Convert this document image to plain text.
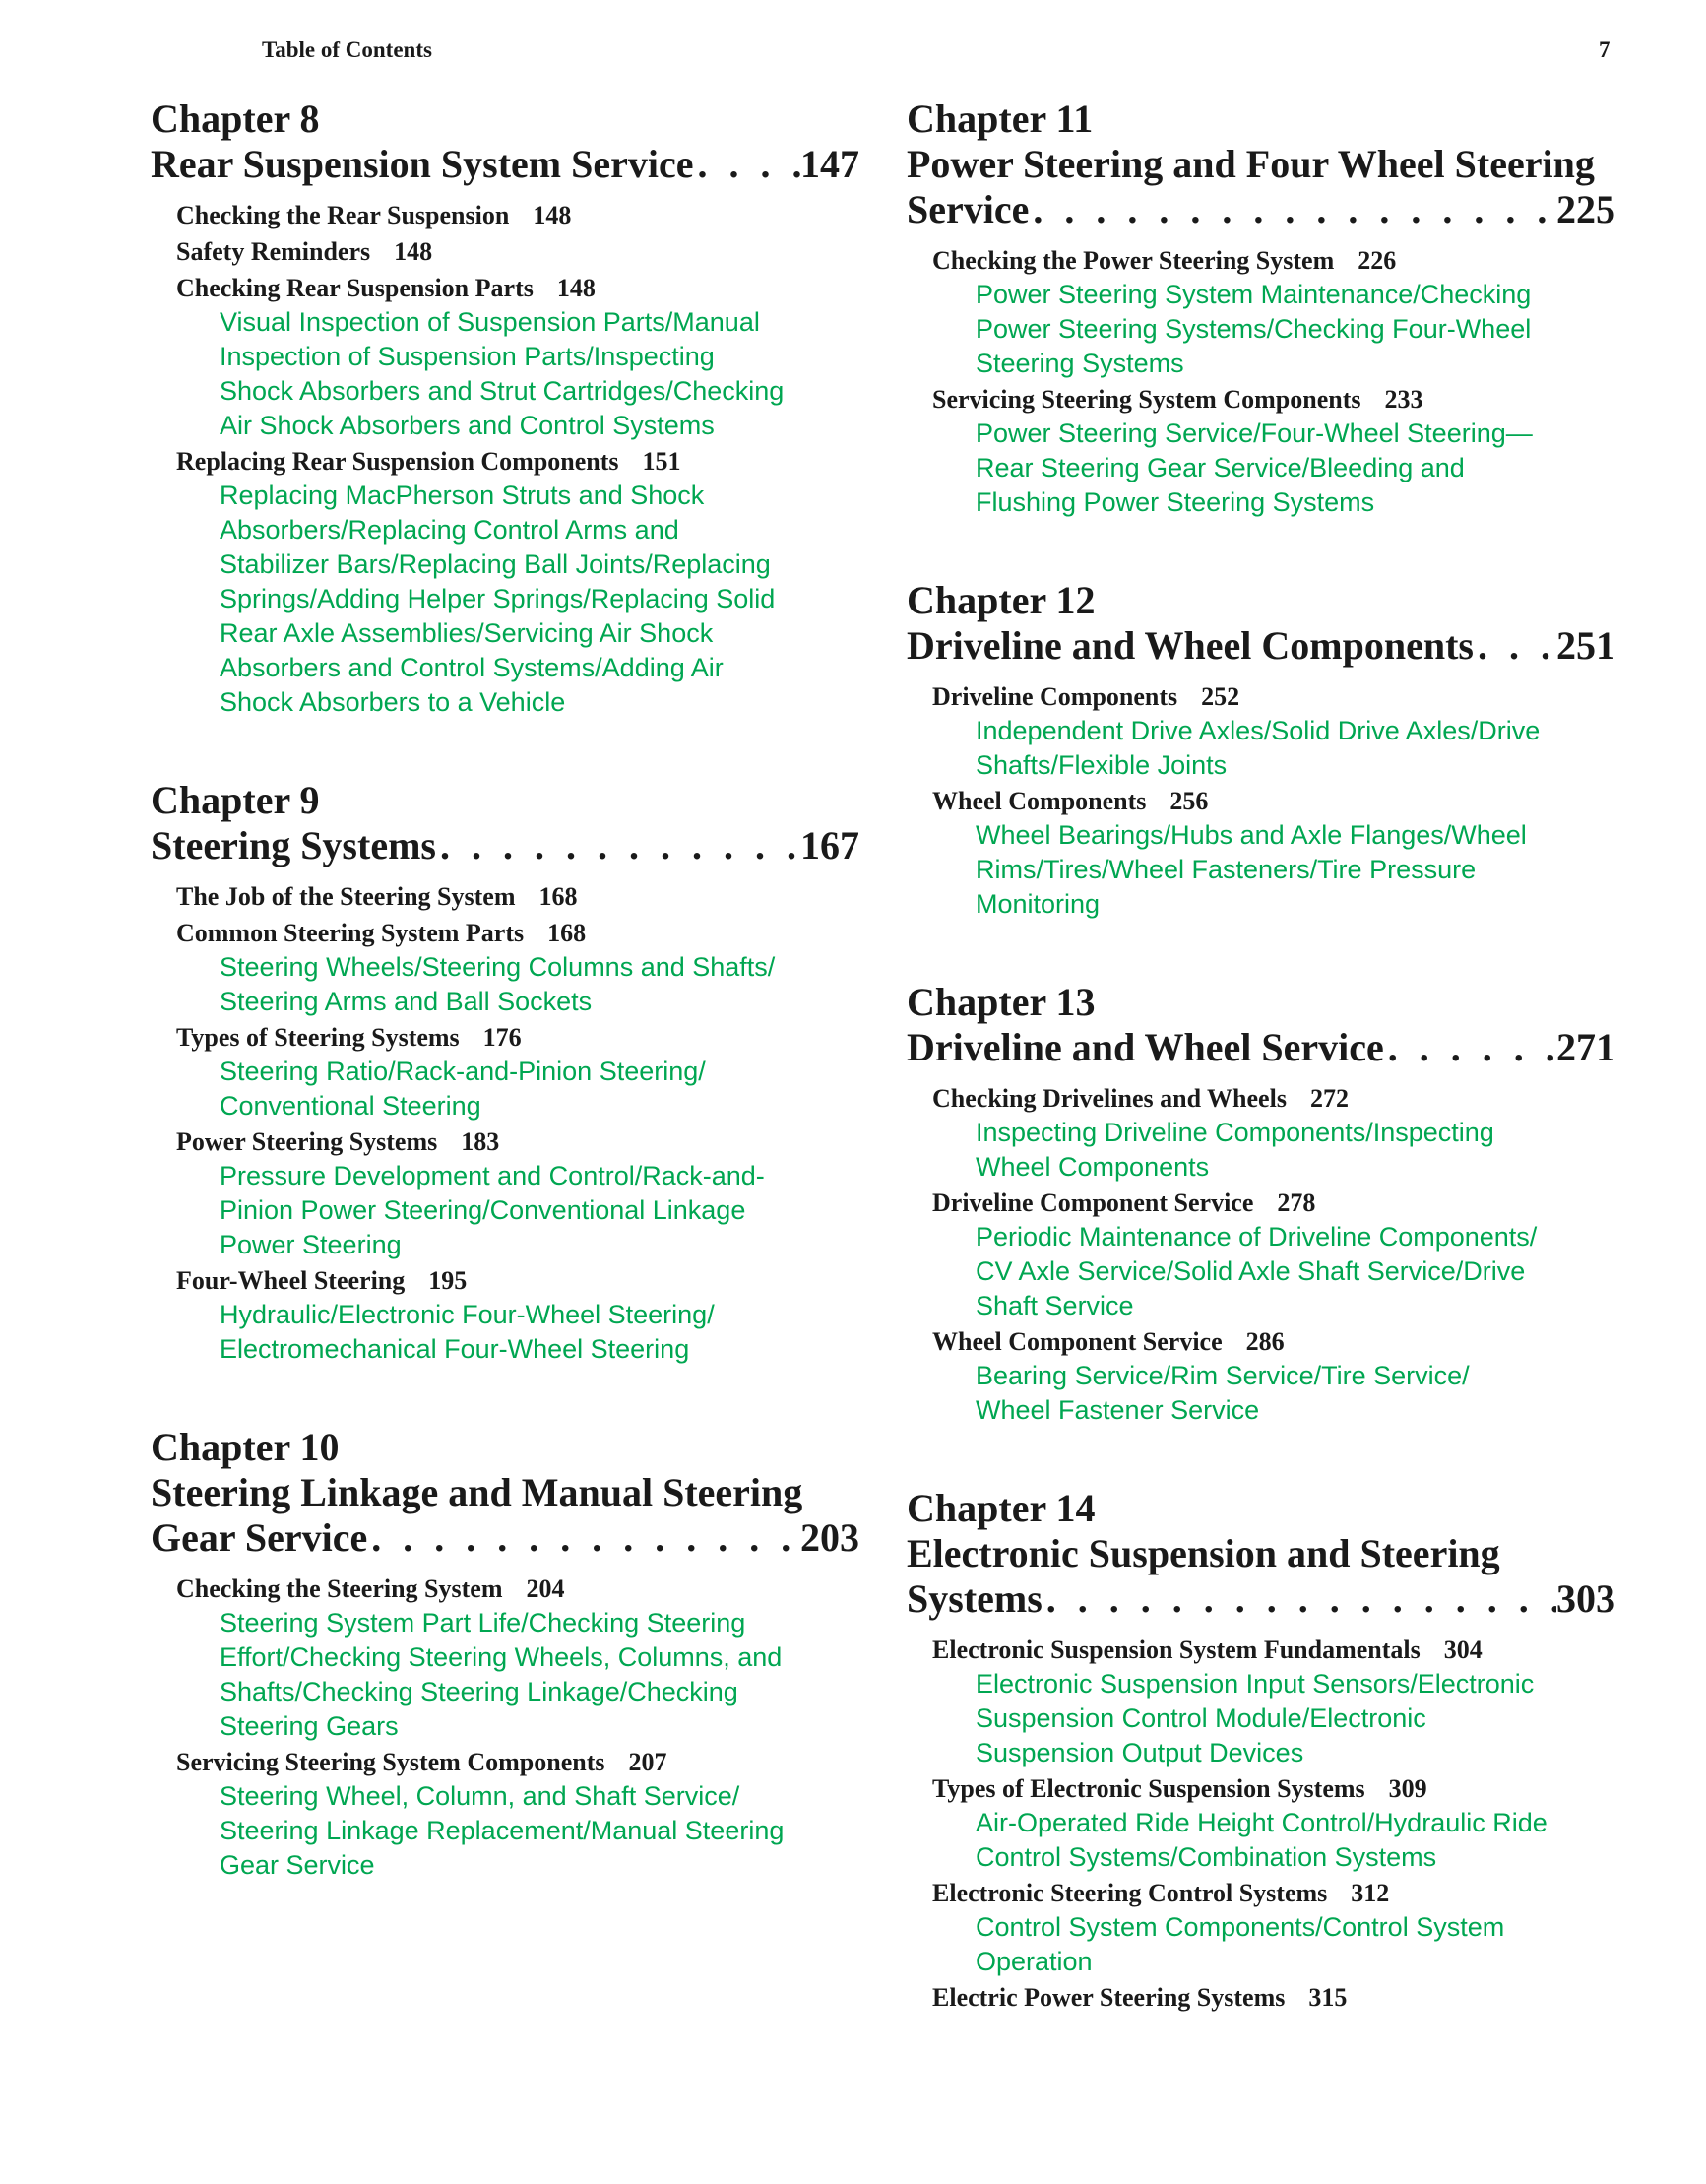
Table of Contents	7
Chapter 8
Rear Suspension System Service . . .	147
Checking the Rear Suspension 148
Safety Reminders 148
Checking Rear Suspension Parts 148
Visual Inspection of Suspension Parts/Manual
Inspection of Suspension Parts/Inspecting
Shock Absorbers and Strut Cartridges/Checking
Air Shock Absorbers and Control Systems
Replacing Rear Suspension Components 151
Replacing MacPherson Struts and Shock
Absorbers/Replacing Control Arms and
Stabilizer Bars/Replacing Ball Joints/Replacing
Springs/Adding Helper Springs/Replacing Solid
Rear Axle Assemblies/Servicing Air Shock
Absorbers and Control Systems/Adding Air
Shock Absorbers to a Vehicle
Chapter 9
Steering Systems . . .	167
The Job of the Steering System 168
Common Steering System Parts 168
Steering Wheels/Steering Columns and Shafts/
Steering Arms and Ball Sockets
Types of Steering Systems 176
Steering Ratio/Rack-and-Pinion Steering/
Conventional Steering
Power Steering Systems 183
Pressure Development and Control/Rack-and-
Pinion Power Steering/Conventional Linkage
Power Steering
Four-Wheel Steering 195
Hydraulic/Electronic Four-Wheel Steering/
Electromechanical Four-Wheel Steering
Chapter 10
Steering Linkage and Manual Steering
Gear Service . . .	203
Checking the Steering System 204
Steering System Part Life/Checking Steering
Effort/Checking Steering Wheels, Columns, and
Shafts/Checking Steering Linkage/Checking
Steering Gears
Servicing Steering System Components 207
Steering Wheel, Column, and Shaft Service/
Steering Linkage Replacement/Manual Steering
Gear Service
Chapter 11
Power Steering and Four Wheel Steering
Service . . .	225
Checking the Power Steering System 226
Power Steering System Maintenance/Checking
Power Steering Systems/Checking Four-Wheel
Steering Systems
Servicing Steering System Components 233
Power Steering Service/Four-Wheel Steering—
Rear Steering Gear Service/Bleeding and
Flushing Power Steering Systems
Chapter 12
Driveline and Wheel Components . . . 251
Driveline Components 252
Independent Drive Axles/Solid Drive Axles/Drive
Shafts/Flexible Joints
Wheel Components 256
Wheel Bearings/Hubs and Axle Flanges/Wheel
Rims/Tires/Wheel Fasteners/Tire Pressure
Monitoring
Chapter 13
Driveline and Wheel Service . . .	271
Checking Drivelines and Wheels 272
Inspecting Driveline Components/Inspecting
Wheel Components
Driveline Component Service 278
Periodic Maintenance of Driveline Components/
CV Axle Service/Solid Axle Shaft Service/Drive
Shaft Service
Wheel Component Service 286
Bearing Service/Rim Service/Tire Service/
Wheel Fastener Service
Chapter 14
Electronic Suspension and Steering
Systems . . .	303
Electronic Suspension System Fundamentals 304
Electronic Suspension Input Sensors/Electronic
Suspension Control Module/Electronic
Suspension Output Devices
Types of Electronic Suspension Systems 309
Air-Operated Ride Height Control/Hydraulic Ride
Control Systems/Combination Systems
Electronic Steering Control Systems 312
Control System Components/Control System
Operation
Electric Power Steering Systems 315
